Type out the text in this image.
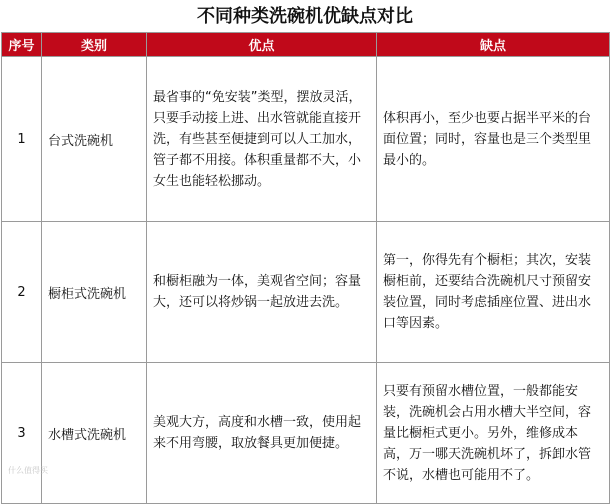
不同种类洗碗机优缺点对比
序号	类别	优点	缺点
1	台式洗碗机	最省事的“免安装”类型，摆放灵活，只要手动接上进、出水管就能直接开洗，有些甚至便捷到可以人工加水，管子都不用接。体积重量都不大，小女生也能轻松挪动。	体积再小，至少也要占据半平米的台面位置；同时，容量也是三个类型里最小的。
2	橱柜式洗碗机	和橱柜融为一体，美观省空间；容量大，还可以将炒锅一起放进去洗。	第一，你得先有个橱柜；其次，安装橱柜前，还要结合洗碗机尺寸预留安装位置，同时考虑插座位置、进出水口等因素。
3	水槽式洗碗机	美观大方，高度和水槽一致，使用起来不用弯腰，取放餐具更加便捷。	只要有预留水槽位置，一般都能安装，洗碗机会占用水槽大半空间，容量比橱柜式更小。另外，维修成本高，万一哪天洗碗机坏了，拆卸水管不说，水槽也可能用不了。
什么值得买
